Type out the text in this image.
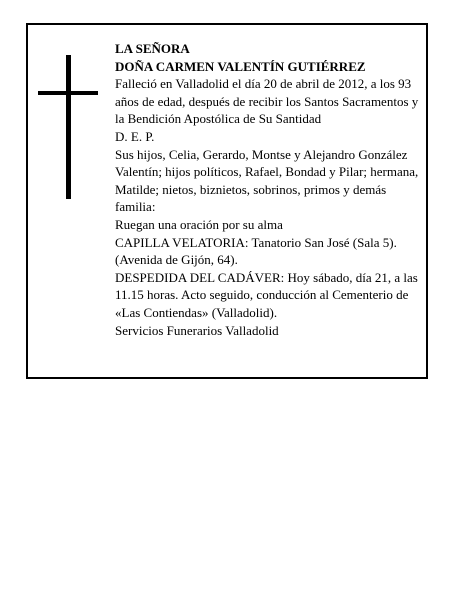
LA SEÑORA

DOÑA CARMEN VALENTÍN GUTIÉRREZ

Falleció en Valladolid el día 20 de abril de 2012, a los 93 años de edad, después de recibir los Santos Sacramentos y la Bendición Apostólica de Su Santidad

D. E. P.

Sus hijos, Celia, Gerardo, Montse y Alejandro González Valentín; hijos políticos, Rafael, Bondad y Pilar; hermana, Matilde; nietos, biznietos, sobrinos, primos y demás familia:

Ruegan una oración por su alma

CAPILLA VELATORIA: Tanatorio San José (Sala 5). (Avenida de Gijón, 64).

DESPEDIDA DEL CADÁVER: Hoy sábado, día 21, a las 11.15 horas. Acto seguido, conducción al Cementerio de «Las Contiendas» (Valladolid).

Servicios Funerarios Valladolid
